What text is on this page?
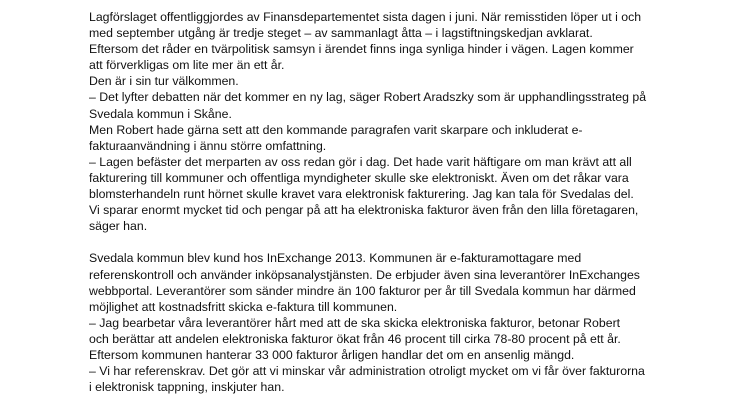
Lagförslaget offentliggjordes av Finansdepartementet sista dagen i juni. När remisstiden löper ut i och
med september utgång är tredje steget – av sammanlagt åtta – i lagstiftningskedjan avklarat.
Eftersom det råder en tvärpolitisk samsyn i ärendet finns inga synliga hinder i vägen. Lagen kommer
att förverkligas om lite mer än ett år.
Den är i sin tur välkommen.
– Det lyfter debatten när det kommer en ny lag, säger Robert Aradszky som är upphandlingsstrateg på
Svedala kommun i Skåne.
Men Robert hade gärna sett att den kommande paragrafen varit skarpare och inkluderat e-
fakturaanvändning i ännu större omfattning.
– Lagen befäster det merparten av oss redan gör i dag. Det hade varit häftigare om man krävt att all
fakturering till kommuner och offentliga myndigheter skulle ske elektroniskt. Även om det råkar vara
blomsterhandeln runt hörnet skulle kravet vara elektronisk fakturering. Jag kan tala för Svedalas del.
Vi sparar enormt mycket tid och pengar på att ha elektroniska fakturor även från den lilla företagaren,
säger han.
Svedala kommun blev kund hos InExchange 2013. Kommunen är e-fakturamottagare med
referenskontroll och använder inköpsanalystjänsten. De erbjuder även sina leverantörer InExchanges
webbportal. Leverantörer som sänder mindre än 100 fakturor per år till Svedala kommun har därmed
möjlighet att kostnadsfritt skicka e-faktura till kommunen.
– Jag bearbetar våra leverantörer hårt med att de ska skicka elektroniska fakturor, betonar Robert
och berättar att andelen elektroniska fakturor ökat från 46 procent till cirka 78-80 procent på ett år.
Eftersom kommunen hanterar 33 000 fakturor årligen handlar det om en ansenlig mängd.
– Vi har referenskrav. Det gör att vi minskar vår administration otroligt mycket om vi får över fakturorna
i elektronisk tappning, inskjuter han.
